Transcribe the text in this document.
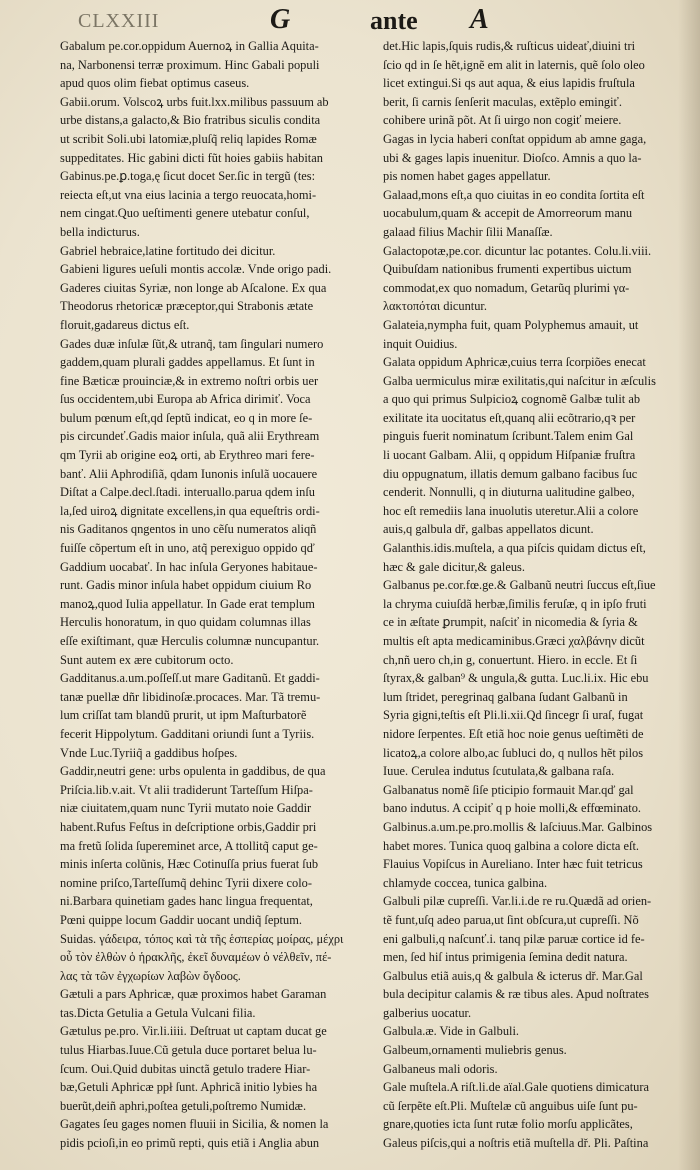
CLXXIII	G	ante A
Gabalum pe.cor.oppidum Auernoꝝ in Gallia Aquita-
na, Narbonensi terræ proximum. Hinc Gabali populi
apud quos olim fiebat optimus caseus.
Gabii.orum. Volscoꝝ urbs fuit.lxx.milibus passuum ab
urbe distans,a galacto,& Bio fratribus siculis condita
ut scribit Soli.ubi latomiæ,pluſq̃ reliq lapides Romæ
suppeditates. Hic gabini dicti fũt hoies gabiis habitan
Gabinus.pe.ꝑ.toga,ę ſicut docet Ser.ſic in tergũ (tes:
reiecta eſt,ut vna eius lacinia a tergo reuocata,homi-
nem cingat.Quo ueſtimenti genere utebatur conſul,
bella indicturus.
Gabriel hebraice,latine fortitudo dei dicitur.
Gabieni ligures ueſuli montis accolæ. Vnde origo padi.
Gaderes ciuitas Syriæ, non longe ab Aſcalone. Ex qua
Theodorus rhetoricæ præceptor,qui Strabonis ætate
floruit,gadareus dictus eſt.
Gades duæ inſulæ ſũt,& utranq̃, tam ſingulari numero
gaddem,quam plurali gaddes appellamus. Et ſunt in
fine Bæticæ prouinciæ,& in extremo noſtri orbis uer
ſus occidentem,ubi Europa ab Africa dirimiť. Voca
bulum pœnum eſt,qd ſeptũ indicat, eo q in more ſe-
pis circundeť.Gadis maior inſula, quã alii Erythream
qm Tyrii ab origine eoꝝ orti, ab Erythreo mari fere-
banť. Alii Aphrodiſiã, qdam Iunonis inſulã uocauere
Diſtat a Calpe.decl.ſtadi. interuallo.parua qdem inſu
la,ſed uiroꝝ dignitate excellens,in qua equeſtris ordi-
nis Gaditanos qngentos in uno cẽſu numeratos aliqñ
fuiſſe cõpertum eſt in uno, atq̃ perexiguo oppido qď
Gaddium uocabať. In hac inſula Geryones habitaue-
runt. Gadis minor inſula habet oppidum ciuium Ro
manoꝝ,quod Iulia appellatur. In Gade erat templum
Herculis honoratum, in quo quidam columnas illas
eſſe exiſtimant, quæ Herculis columnæ nuncupantur.
Sunt autem ex ære cubitorum octo.
Gadditanus.a.um.poſſeſſ.ut mare Gaditanũ. Et gaddi-
tanæ puellæ dñr libidinoſæ.procaces. Mar. Tã tremu-
lum criſſat tam blandũ prurit, ut ipm Maſturbatorẽ
fecerit Hippolytum. Gadditani oriundi ſunt a Tyriis.
Vnde Luc.Tyriiq̃ a gaddibus hoſpes.
Gaddir,neutri gene: urbs opulenta in gaddibus, de qua
Priſcia.lib.v.ait. Vt alii tradiderunt Tarteſſum Hiſpa-
niæ ciuitatem,quam nunc Tyrii mutato noie Gaddir
habent.Rufus Feſtus in deſcriptione orbis,Gaddir pri
ma fretũ ſolida ſupereminet arce, A ttollitq̃ caput ge-
minis inſerta colũnis, Hæc Cotinuſſa prius fuerat ſub
nomine priſco,Tarteſſumq̃ dehinc Tyrii dixere colo-
ni.Barbara quinetiam gades hanc lingua frequentat,
Pœni quippe locum Gaddir uocant undiq̃ ſeptum.
Suidas. γάδειρα, τόπος καὶ τὰ τῆς ἑσπερίας μοίρας, μέχρι
οὗ τὸν ἐλθὼν ὁ ἡρακλῆς, ἐκεῖ δυναμέων ὁ νέλθεῖν, πέ-
λας τὰ τῶν ἐγχωρίων λαβὼν ὄγδοος.
Gætuli a pars Aphricæ, quæ proximos habet Garaman
tas.Dicta Getulia a Getula Vulcani filia.
Gætulus pe.pro. Vir.li.iiii. Deſtruat ut captam ducat ge
tulus Hiarbas.Iuue.Cũ getula duce portaret belua lu-
ſcum. Oui.Quid dubitas uinctã getulo tradere Hiar-
bæ,Getuli Aphricæ ppł ſunt. Aphricã initio lybies ha
buerũt,deiñ aphri,poſtea getuli,poſtremo Numidæ.
Gagates ſeu gages nomen fluuii in Sicilia, & nomen la
pidis pcioſi,in eo primũ repti, quis etiã i Anglia abun
det.Hic lapis,ſquis rudis,& ruſticus uideať,diuini tri
ſcio qd in ſe hẽt,ignẽ em alit in laternis, quẽ ſolo oleo
licet extingui.Si qs aut aqua, & eius lapidis fruſtula
berit, ſi carnis ſenſerit maculas, extẽplo emingiť.
cohibere urinã põt. At ſi uirgo non cogiť meiere.
Gagas in lycia haberi conſtat oppidum ab amne gaga,
ubi & gages lapis inuenitur. Dioſco. Amnis a quo la-
pis nomen habet gages appellatur.
Galaad,mons eſt,a quo ciuitas in eo condita ſortita eſt
uocabulum,quam & accepit de Amorreorum manu
galaad filius Machir ſilii Manaſſæ.
Galactopotæ,pe.cor. dicuntur lac potantes. Colu.li.viii.
Quibuſdam nationibus frumenti expertibus uictum
commodat,ex quo nomadum, Getarũq plurimi γα-
λακτοπόται dicuntur.
Galateia,nympha fuit, quam Polyphemus amauit, ut
inquit Ouidius.
Galata oppidum Aphricæ,cuius terra ſcorpiões enecat
Galba uermiculus miræ exilitatis,qui naſcitur in æſculis
a quo qui primus Sulpicioꝝ cognomẽ Galbæ tulit ab
exilitate ita uocitatus eſt,quanq alii ecõtrario,qꝛ per
pinguis fuerit nominatum ſcribunt.Talem enim Gal
li uocant Galbam. Alii, q oppidum Hiſpaniæ fruſtra
diu oppugnatum, illatis demum galbano facibus ſuc
cenderit. Nonnulli, q in diuturna ualitudine galbeo,
hoc eſt remediis lana inuolutis uteretur.Alii a colore
auis,q galbula dř, galbas appellatos dicunt.
Galanthis.idis.muſtela, a qua piſcis quidam dictus eſt,
hæc & gale dicitur,& galeus.
Galbanus pe.cor.fœ.ge.& Galbanũ neutri ſuccus eſt,ſiue
la chryma cuiuſdã herbæ,ſimilis feruſæ, q in ipſo fruti
ce in æſtate ꝑrumpit, naſciť in nicomedia & ſyria &
multis eſt apta medicaminibus.Græci χαλβάνην dicũt
ch,nñ uero ch,in g, conuertunt. Hiero. in eccle. Et ſi
ſtyrax,& galban⁹ & ungula,& gutta. Luc.li.ix. Hic ebu
lum ſtridet, peregrinaq galbana ſudant Galbanũ in
Syria gigni,teſtis eſt Pli.li.xii.Qd ſincegr ſi uraſ, fugat
nidore ſerpentes. Eſt etiã hoc noie genus ueſtimẽti de
licatoꝝ,a colore albo,ac ſubluci do, q nullos hẽt pilos
Iuue. Cerulea indutus ſcutulata,& galbana raſa.
Galbanatus nomẽ ſiſe pticipio formauit Mar.qď gal
bano indutus. A ccipiť q p hoie molli,& effœminato.
Galbinus.a.um.pe.pro.mollis & laſciuus.Mar. Galbinos
habet mores. Tunica quoq galbina a colore dicta eſt.
Flauius Vopiſcus in Aureliano. Inter hæc fuit tetricus
chlamyde coccea, tunica galbina.
Galbuli pilæ cupreſſi. Var.li.i.de re ru.Quædã ad orien-
tẽ funt,uſq adeo parua,ut ſint obſcura,ut cupreſſi. Nõ
eni galbuli,q naſcunť.i. tanq pilæ paruæ cortice id fe-
men, ſed hiſ intus primigenia ſemina dedit natura.
Galbulus etiã auis,q & galbula & icterus dř. Mar.Gal
bula decipitur calamis & ræ tibus ales. Apud noſtrates
galberius uocatur.
Galbula.æ. Vide in Galbuli.
Galbeum,ornamenti muliebris genus.
Galbaneus mali odoris.
Gale muſtela.A riſt.li.de aïal.Gale quotiens dimicatura
cũ ſerpẽte eſt.Pli. Muſtelæ cũ anguibus uiſe ſunt pu-
gnare,quoties icta ſunt rutæ folio morſu applicãtes,
Galeus piſcis,qui a noſtris etiã muſtella dř. Pli. Paſtina
